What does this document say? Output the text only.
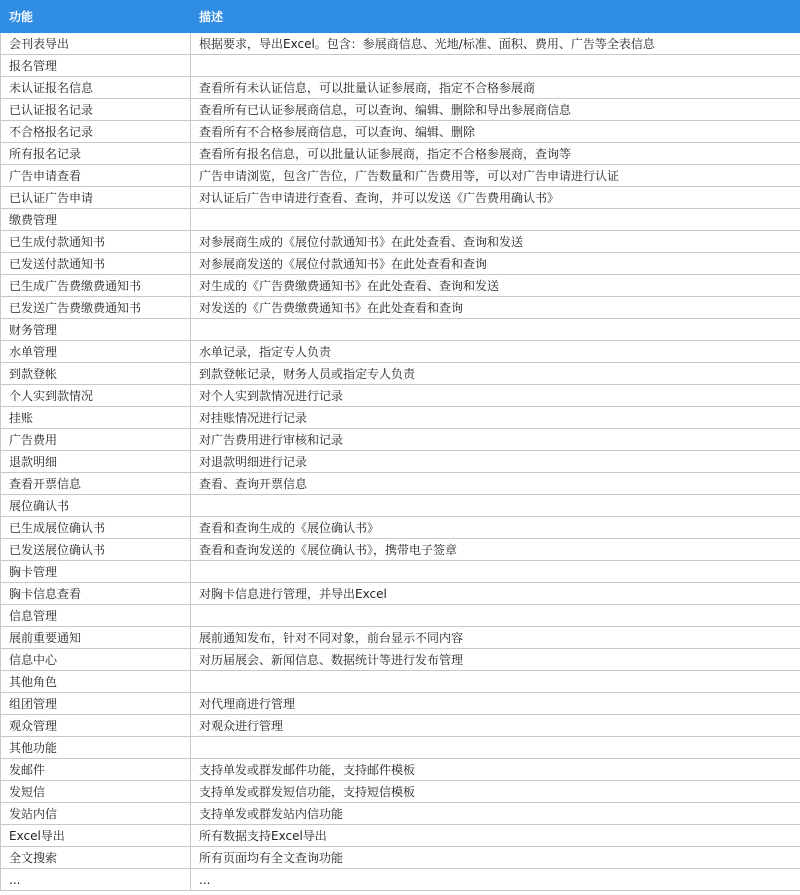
功能	描述
会刊表导出	根据要求，导出Excel。包含：参展商信息、光地/标准、面积、费用、广告等全表信息
报名管理	
未认证报名信息	查看所有未认证信息，可以批量认证参展商，指定不合格参展商
已认证报名记录	查看所有已认证参展商信息，可以查询、编辑、删除和导出参展商信息
不合格报名记录	查看所有不合格参展商信息，可以查询、编辑、删除
所有报名记录	查看所有报名信息，可以批量认证参展商，指定不合格参展商，查询等
广告申请查看	广告申请浏览，包含广告位，广告数量和广告费用等，可以对广告申请进行认证
已认证广告申请	对认证后广告申请进行查看、查询，并可以发送《广告费用确认书》
缴费管理	
已生成付款通知书	对参展商生成的《展位付款通知书》在此处查看、查询和发送
已发送付款通知书	对参展商发送的《展位付款通知书》在此处查看和查询
已生成广告费缴费通知书	对生成的《广告费缴费通知书》在此处查看、查询和发送
已发送广告费缴费通知书	对发送的《广告费缴费通知书》在此处查看和查询
财务管理	
水单管理	水单记录，指定专人负责
到款登帐	到款登帐记录，财务人员或指定专人负责
个人实到款情况	对个人实到款情况进行记录
挂账	对挂账情况进行记录
广告费用	对广告费用进行审核和记录
退款明细	对退款明细进行记录
查看开票信息	查看、查询开票信息
展位确认书	
已生成展位确认书	查看和查询生成的《展位确认书》
已发送展位确认书	查看和查询发送的《展位确认书》，携带电子签章
胸卡管理	
胸卡信息查看	对胸卡信息进行管理，并导出Excel
信息管理	
展前重要通知	展前通知发布，针对不同对象，前台显示不同内容
信息中心	对历届展会、新闻信息、数据统计等进行发布管理
其他角色	
组团管理	对代理商进行管理
观众管理	对观众进行管理
其他功能	
发邮件	支持单发或群发邮件功能，支持邮件模板
发短信	支持单发或群发短信功能，支持短信模板
发站内信	支持单发或群发站内信功能
Excel导出	所有数据支持Excel导出
全文搜索	所有页面均有全文查询功能
...	...
